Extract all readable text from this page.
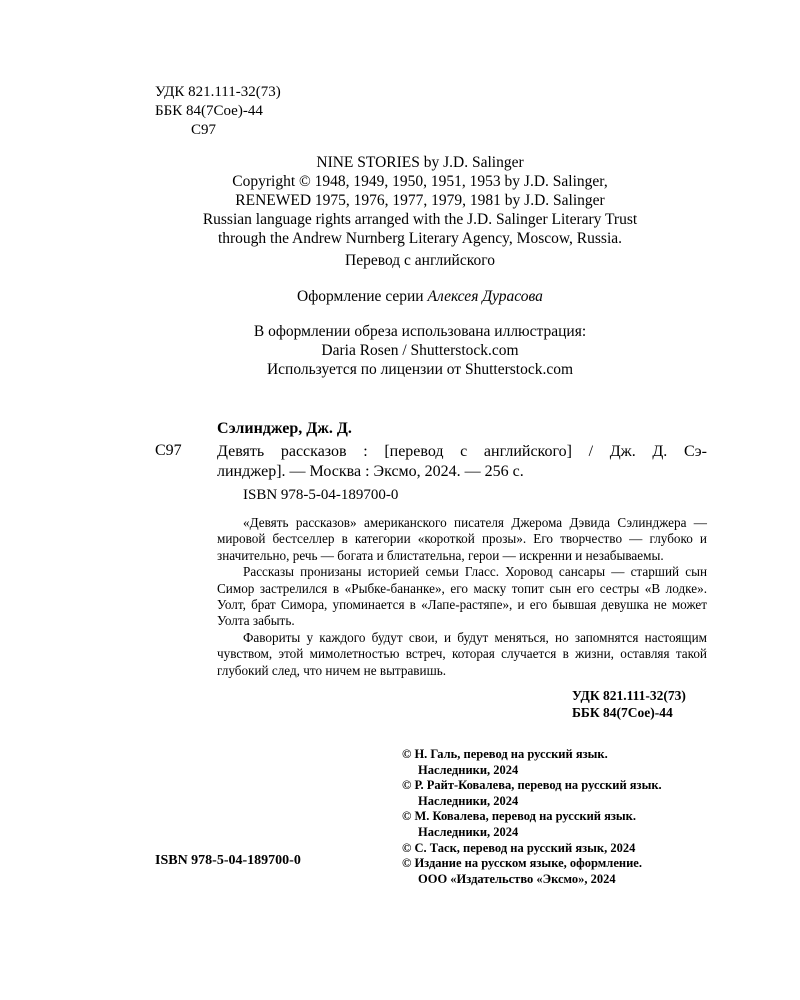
УДК 821.111-32(73)
ББК 84(7Сое)-44
С97
NINE STORIES by J.D. Salinger
Copyright © 1948, 1949, 1950, 1951, 1953 by J.D. Salinger,
RENEWED 1975, 1976, 1977, 1979, 1981 by J.D. Salinger
Russian language rights arranged with the J.D. Salinger Literary Trust
through the Andrew Nurnberg Literary Agency, Moscow, Russia.
Перевод с английского
Оформление серии Алексея Дурасова
В оформлении обреза использована иллюстрация:
Daria Rosen / Shutterstock.com
Используется по лицензии от Shutterstock.com
Сэлинджер, Дж. Д.
С97 Девять рассказов : [перевод с английского] / Дж. Д. Сэ-
линджер]. — Москва : Эксмо, 2024. — 256 с.
ISBN 978-5-04-189700-0

«Девять рассказов» американского писателя Джерома Дэвида Сэлинджера — мировой бестселлер в категории «короткой прозы». Его творчество — глубоко и значительно, речь — богата и блистательна, герои — искренни и незабываемы.

Рассказы пронизаны историей семьи Гласс. Хоровод сансары — старший сын Симор застрелился в «Рыбке-бананке», его маску топит сын его сестры «В лодке». Уолт, брат Симора, упоминается в «Лапе-растяпе», и его бывшая девушка не может Уолта забыть.

Фавориты у каждого будут свои, и будут меняться, но запомнятся настоящим чувством, этой мимолетностью встреч, которая случается в жизни, оставляя такой глубокий след, что ничем не вытравишь.

УДК 821.111-32(73)
ББК 84(7Сое)-44
© Н. Галь, перевод на русский язык.
Наследники, 2024
© Р. Райт-Ковалева, перевод на русский язык.
Наследники, 2024
© М. Ковалева, перевод на русский язык.
Наследники, 2024
© С. Таск, перевод на русский язык, 2024
© Издание на русском языке, оформление.
ООО «Издательство «Эксмо», 2024
ISBN 978-5-04-189700-0
